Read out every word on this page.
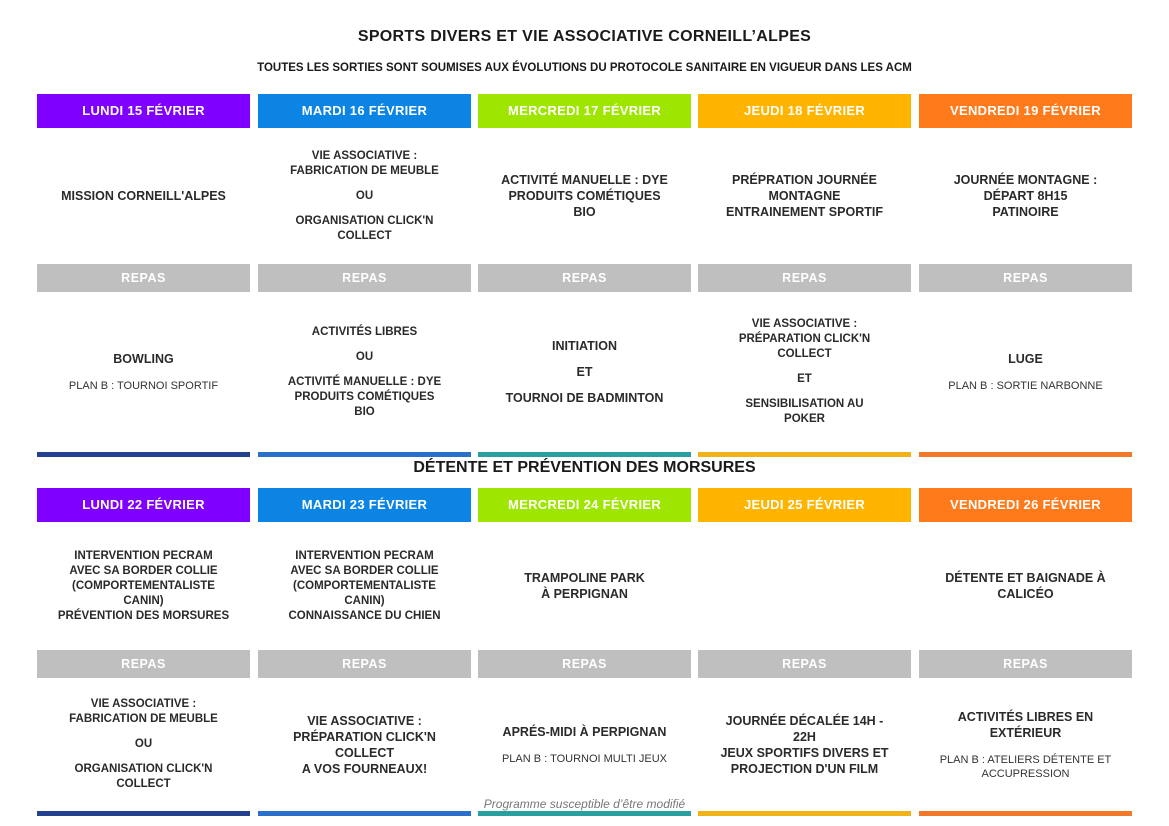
SPORTS DIVERS ET VIE ASSOCIATIVE CORNEILL’ALPES
TOUTES LES SORTIES SONT SOUMISES AUX ÉVOLUTIONS DU PROTOCOLE SANITAIRE EN VIGUEUR DANS LES ACM
DÉTENTE ET PRÉVENTION DES MORSURES
Programme susceptible d’être modifié
LUNDI 15 FÉVRIER
MISSION CORNEILL'ALPES
REPAS
BOWLING
PLAN B : TOURNOI SPORTIF
MARDI 16 FÉVRIER
VIE ASSOCIATIVE :
FABRICATION DE MEUBLE
OU
ORGANISATION CLICK'N
COLLECT
REPAS
ACTIVITÉS LIBRES
OU
ACTIVITÉ MANUELLE : DYE
PRODUITS COMÉTIQUES
BIO
MERCREDI 17 FÉVRIER
ACTIVITÉ MANUELLE : DYE
PRODUITS COMÉTIQUES
BIO
REPAS
INITIATION
ET
TOURNOI DE BADMINTON
JEUDI 18 FÉVRIER
PRÉPRATION JOURNÉE
MONTAGNE
ENTRAINEMENT SPORTIF
REPAS
VIE ASSOCIATIVE :
PRÉPARATION CLICK'N
COLLECT
ET
SENSIBILISATION AU
POKER
VENDREDI 19 FÉVRIER
JOURNÉE MONTAGNE :
DÉPART 8H15
PATINOIRE
REPAS
LUGE
PLAN B : SORTIE NARBONNE
LUNDI 22 FÉVRIER
INTERVENTION PECRAM
AVEC SA BORDER COLLIE
(COMPORTEMENTALISTE
CANIN)
PRÉVENTION DES MORSURES
REPAS
VIE ASSOCIATIVE :
FABRICATION DE MEUBLE
OU
ORGANISATION CLICK'N
COLLECT
MARDI 23 FÉVRIER
INTERVENTION PECRAM
AVEC SA BORDER COLLIE
(COMPORTEMENTALISTE
CANIN)
CONNAISSANCE DU CHIEN
REPAS
VIE ASSOCIATIVE :
PRÉPARATION CLICK'N
COLLECT
A VOS FOURNEAUX!
MERCREDI 24 FÉVRIER
TRAMPOLINE PARK
À PERPIGNAN
REPAS
APRÉS-MIDI À PERPIGNAN
PLAN B : TOURNOI MULTI JEUX
JEUDI 25 FÉVRIER
REPAS
JOURNÉE DÉCALÉE 14H -
22H
JEUX SPORTIFS DIVERS ET
PROJECTION D'UN FILM
VENDREDI 26 FÉVRIER
DÉTENTE ET BAIGNADE À
CALICÉO
REPAS
ACTIVITÉS LIBRES EN
EXTÉRIEUR
PLAN B : ATELIERS DÉTENTE ET ACCUPRESSION
